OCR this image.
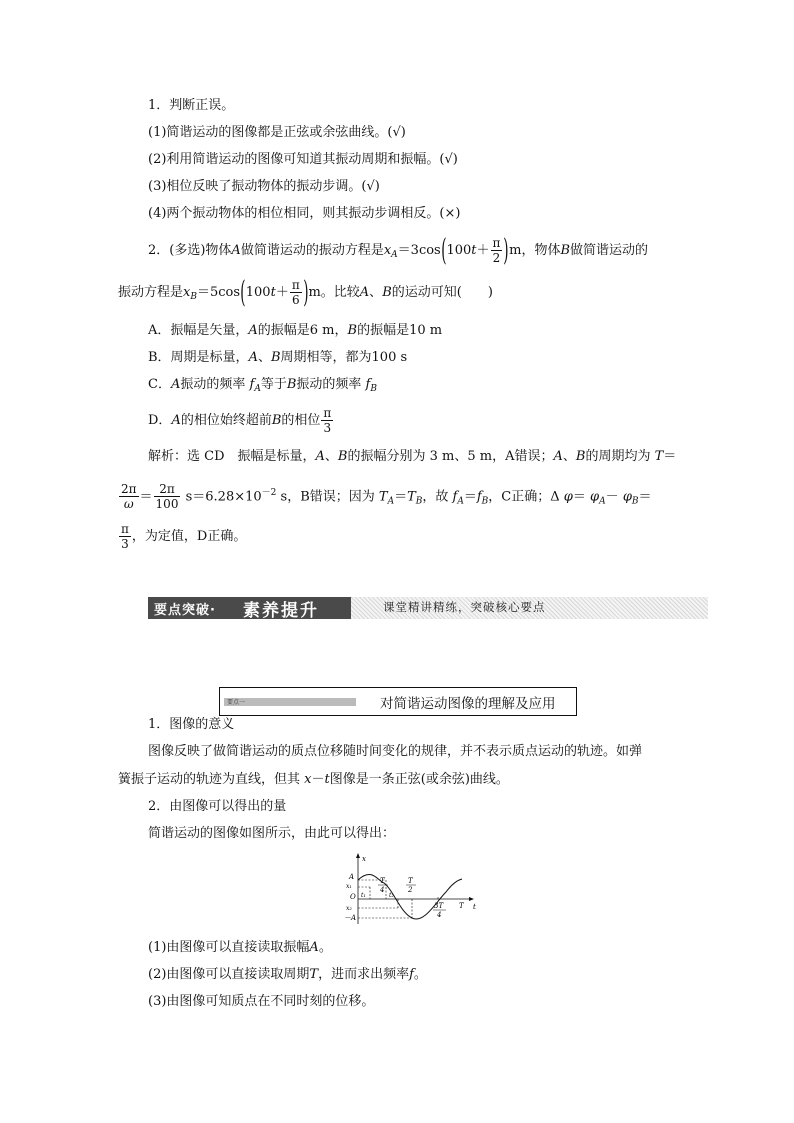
1．判断正误。
(1)简谐运动的图像都是正弦或余弦曲线。(√)
(2)利用简谐运动的图像可知道其振动周期和振幅。(√)
(3)相位反映了振动物体的振动步调。(√)
(4)两个振动物体的相位相同，则其振动步调相反。(×)
2．(多选)物体A做简谐运动的振动方程是$x_A=3\cos(100t+ \frac{\pi}{2} )m$，物体B做简谐运动的
振动方程是$x_B=5\cos(100t+ \frac{\pi}{6} )m$。比较A、B的运动可知(　　)
A．振幅是矢量，A的振幅是6 m，B的振幅是10 m
B．周期是标量，A、B周期相等，都为100 s
C．A振动的频率 $f_A$等于B振动的频率 $f_B$
D．A的相位始终超前B的相位 $\frac{\pi}{3}$
解析：选 CD　振幅是标量，A、B的振幅分别为 3 m、5 m，A错误；A、B的周期均为 T＝
$\frac{2\pi}{\omega} = \frac{2\pi}{100} s=6.28\times 10^{-2}$ s，B错误；因为 $T_A=T_B$，故 $f_A=f_B$，C正确；Δ $\varphi= \varphi_A- \varphi_B=$
$\frac{\pi}{3}$ ，为定值，D正确。
要点突破· 素养提升	课堂精讲精练，突破核心要点
要点一	对简谐运动图像的理解及应用
1．图像的意义
图像反映了做简谐运动的质点位移随时间变化的规律，并不表示质点运动的轨迹。如弹
簧振子运动的轨迹为直线，但其 x－t图像是一条正弦(或余弦)曲线。
2．由图像可以得出的量
简谐运动的图像如图所示，由此可以得出：
x
t
A
x₁
O
x₂
－A
t₁	t₂
T
4
T
2
3T
4
T
(1)由图像可以直接读取振幅A。
(2)由图像可以直接读取周期T，进而求出频率f。
(3)由图像可知质点在不同时刻的位移。
